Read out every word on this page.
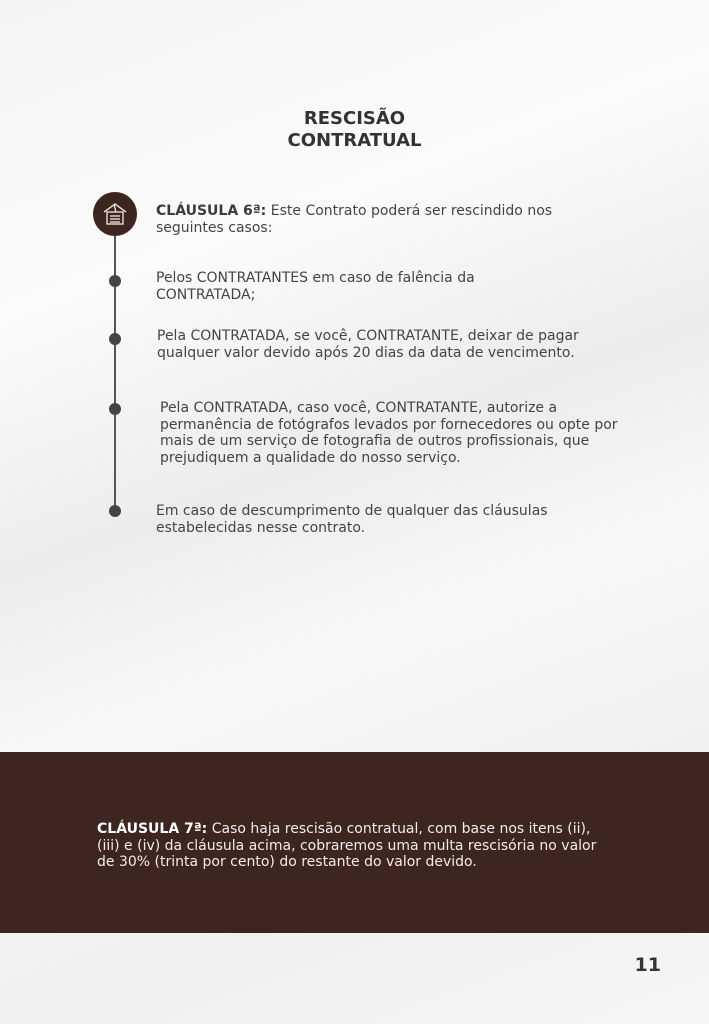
RESCISÃO
CONTRATUAL
CLÁUSULA 6ª: Este Contrato poderá ser rescindido nos seguintes casos:
Pelos CONTRATANTES em caso de falência da CONTRATADA;
Pela CONTRATADA, se você, CONTRATANTE, deixar de pagar qualquer valor devido após 20 dias da data de vencimento.
Pela CONTRATADA, caso você, CONTRATANTE, autorize a permanência de fotógrafos levados por fornecedores ou opte por mais de um serviço de fotografia de outros profissionais, que prejudiquem a qualidade do nosso serviço.
Em caso de descumprimento de qualquer das cláusulas estabelecidas nesse contrato.
CLÁUSULA 7ª: Caso haja rescisão contratual, com base nos itens (ii), (iii) e (iv) da cláusula acima, cobraremos uma multa rescisória no valor de 30% (trinta por cento) do restante do valor devido.
11
